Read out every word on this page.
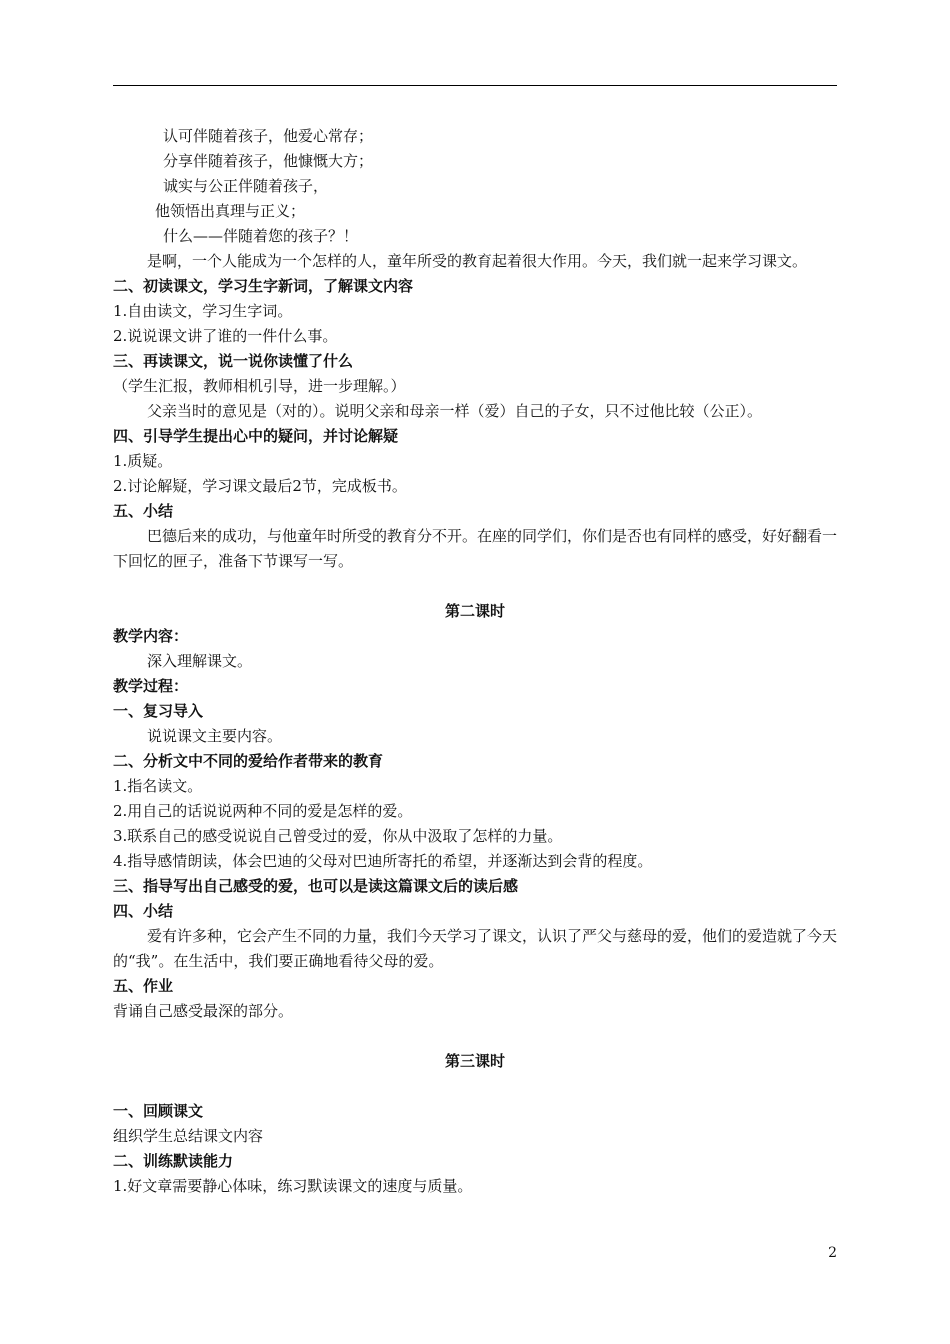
认可伴随着孩子，他爱心常存；
分享伴随着孩子，他慷慨大方；
诚实与公正伴随着孩子，
他领悟出真理与正义；
什么——伴随着您的孩子？！
是啊，一个人能成为一个怎样的人，童年所受的教育起着很大作用。今天，我们就一起来学习课文。
二、初读课文，学习生字新词，了解课文内容
1.自由读文，学习生字词。
2.说说课文讲了谁的一件什么事。
三、再读课文，说一说你读懂了什么
（学生汇报，教师相机引导，进一步理解。）
父亲当时的意见是（对的）。说明父亲和母亲一样（爱）自己的子女，只不过他比较（公正）。
四、引导学生提出心中的疑问，并讨论解疑
1.质疑。
2.讨论解疑，学习课文最后2节，完成板书。
五、小结
巴德后来的成功，与他童年时所受的教育分不开。在座的同学们，你们是否也有同样的感受，好好翻看一下回忆的匣子，准备下节课写一写。
第二课时
教学内容：
深入理解课文。
教学过程：
一、复习导入
说说课文主要内容。
二、分析文中不同的爱给作者带来的教育
1.指名读文。
2.用自己的话说说两种不同的爱是怎样的爱。
3.联系自己的感受说说自己曾受过的爱，你从中汲取了怎样的力量。
4.指导感情朗读，体会巴迪的父母对巴迪所寄托的希望，并逐渐达到会背的程度。
三、指导写出自己感受的爱，也可以是读这篇课文后的读后感
四、小结
爱有许多种，它会产生不同的力量，我们今天学习了课文，认识了严父与慈母的爱，他们的爱造就了今天的“我”。在生活中，我们要正确地看待父母的爱。
五、作业
背诵自己感受最深的部分。
第三课时
一、回顾课文
组织学生总结课文内容
二、训练默读能力
1.好文章需要静心体味，练习默读课文的速度与质量。
2
